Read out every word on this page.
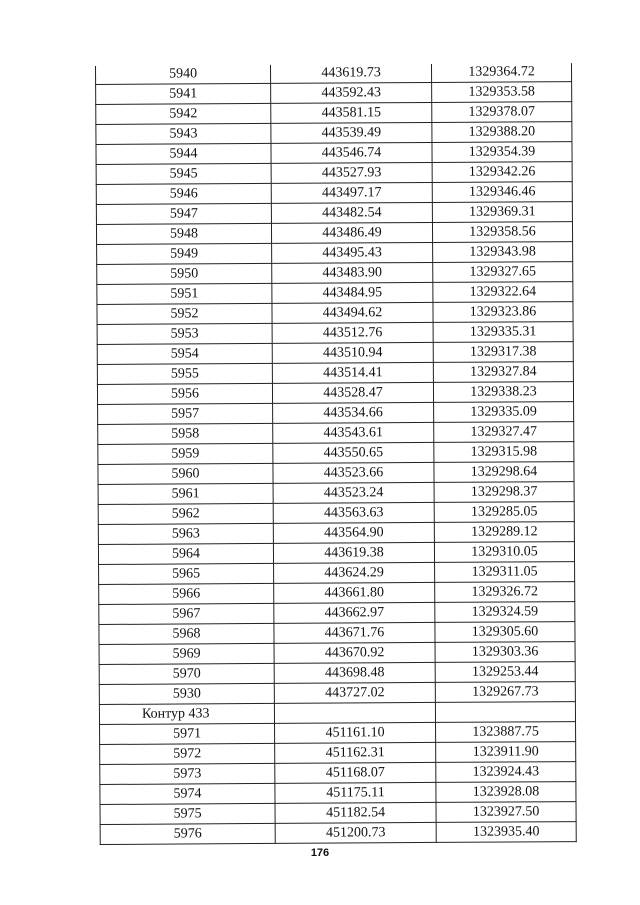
5940	443619.73	1329364.72
5941	443592.43	1329353.58
5942	443581.15	1329378.07
5943	443539.49	1329388.20
5944	443546.74	1329354.39
5945	443527.93	1329342.26
5946	443497.17	1329346.46
5947	443482.54	1329369.31
5948	443486.49	1329358.56
5949	443495.43	1329343.98
5950	443483.90	1329327.65
5951	443484.95	1329322.64
5952	443494.62	1329323.86
5953	443512.76	1329335.31
5954	443510.94	1329317.38
5955	443514.41	1329327.84
5956	443528.47	1329338.23
5957	443534.66	1329335.09
5958	443543.61	1329327.47
5959	443550.65	1329315.98
5960	443523.66	1329298.64
5961	443523.24	1329298.37
5962	443563.63	1329285.05
5963	443564.90	1329289.12
5964	443619.38	1329310.05
5965	443624.29	1329311.05
5966	443661.80	1329326.72
5967	443662.97	1329324.59
5968	443671.76	1329305.60
5969	443670.92	1329303.36
5970	443698.48	1329253.44
5930	443727.02	1329267.73
Контур 433		
5971	451161.10	1323887.75
5972	451162.31	1323911.90
5973	451168.07	1323924.43
5974	451175.11	1323928.08
5975	451182.54	1323927.50
5976	451200.73	1323935.40
176
